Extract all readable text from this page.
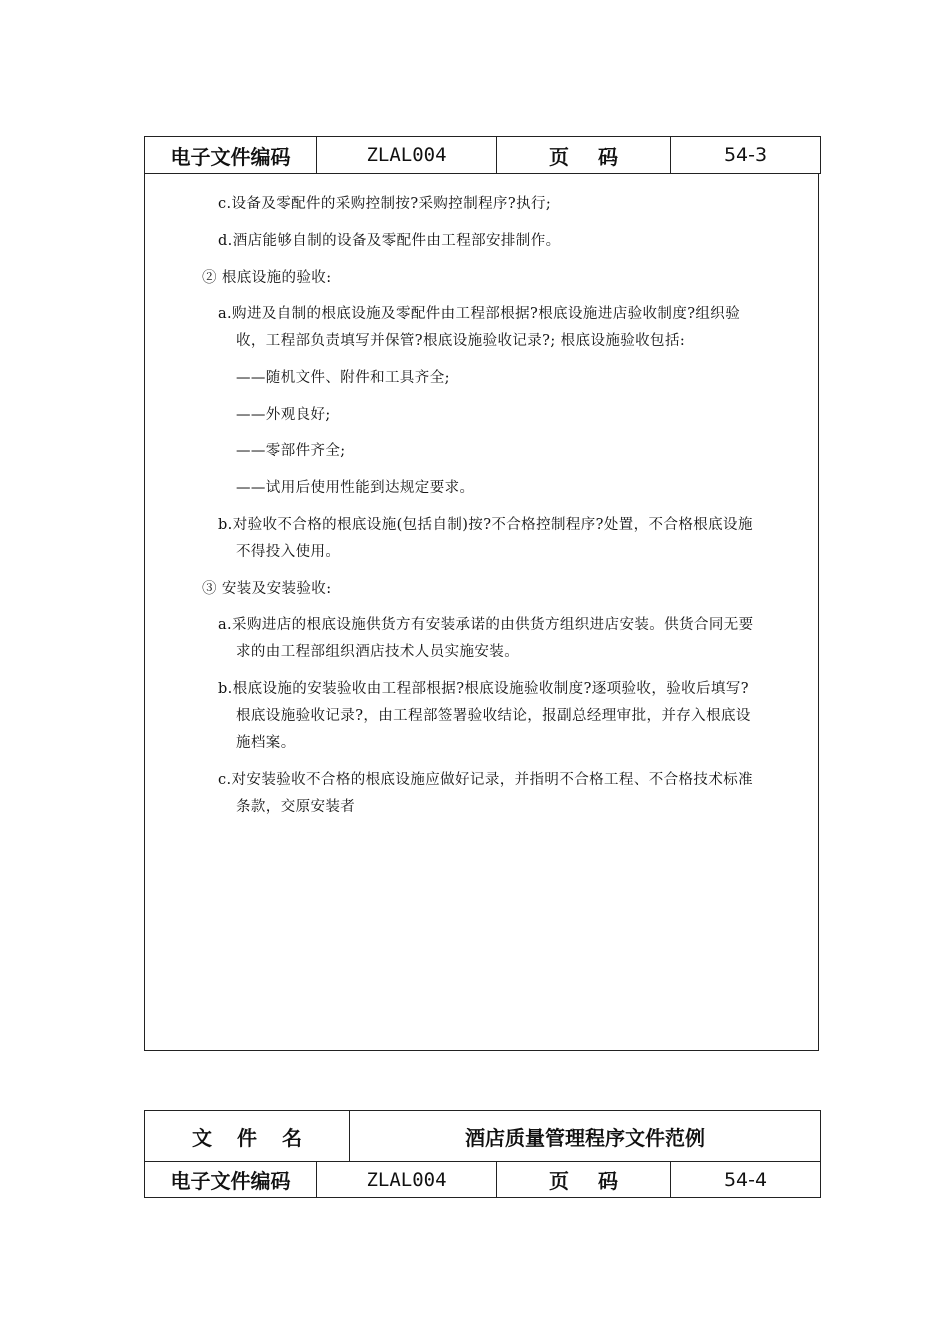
电子文件编码	ZLAL004	页 码	54-3
c.设备及零配件的采购控制按?采购控制程序?执行;
d.酒店能够自制的设备及零配件由工程部安排制作。
② 根底设施的验收:
a.购进及自制的根底设施及零配件由工程部根据?根底设施进店验收制度?组织验
收，工程部负责填写并保管?根底设施验收记录?; 根底设施验收包括:
——随机文件、附件和工具齐全;
——外观良好;
——零部件齐全;
——试用后使用性能到达规定要求。
b.对验收不合格的根底设施(包括自制)按?不合格控制程序?处置，不合格根底设施
不得投入使用。
③ 安装及安装验收:
a.采购进店的根底设施供货方有安装承诺的由供货方组织进店安装。供货合同无要
求的由工程部组织酒店技术人员实施安装。
b.根底设施的安装验收由工程部根据?根底设施验收制度?逐项验收，验收后填写?
根底设施验收记录?，由工程部签署验收结论，报副总经理审批，并存入根底设
施档案。
c.对安装验收不合格的根底设施应做好记录，并指明不合格工程、不合格技术标准
条款，交原安装者
文 件 名		酒店质量管理程序文件范例		
电子文件编码	ZLAL004		页 码	54-4
